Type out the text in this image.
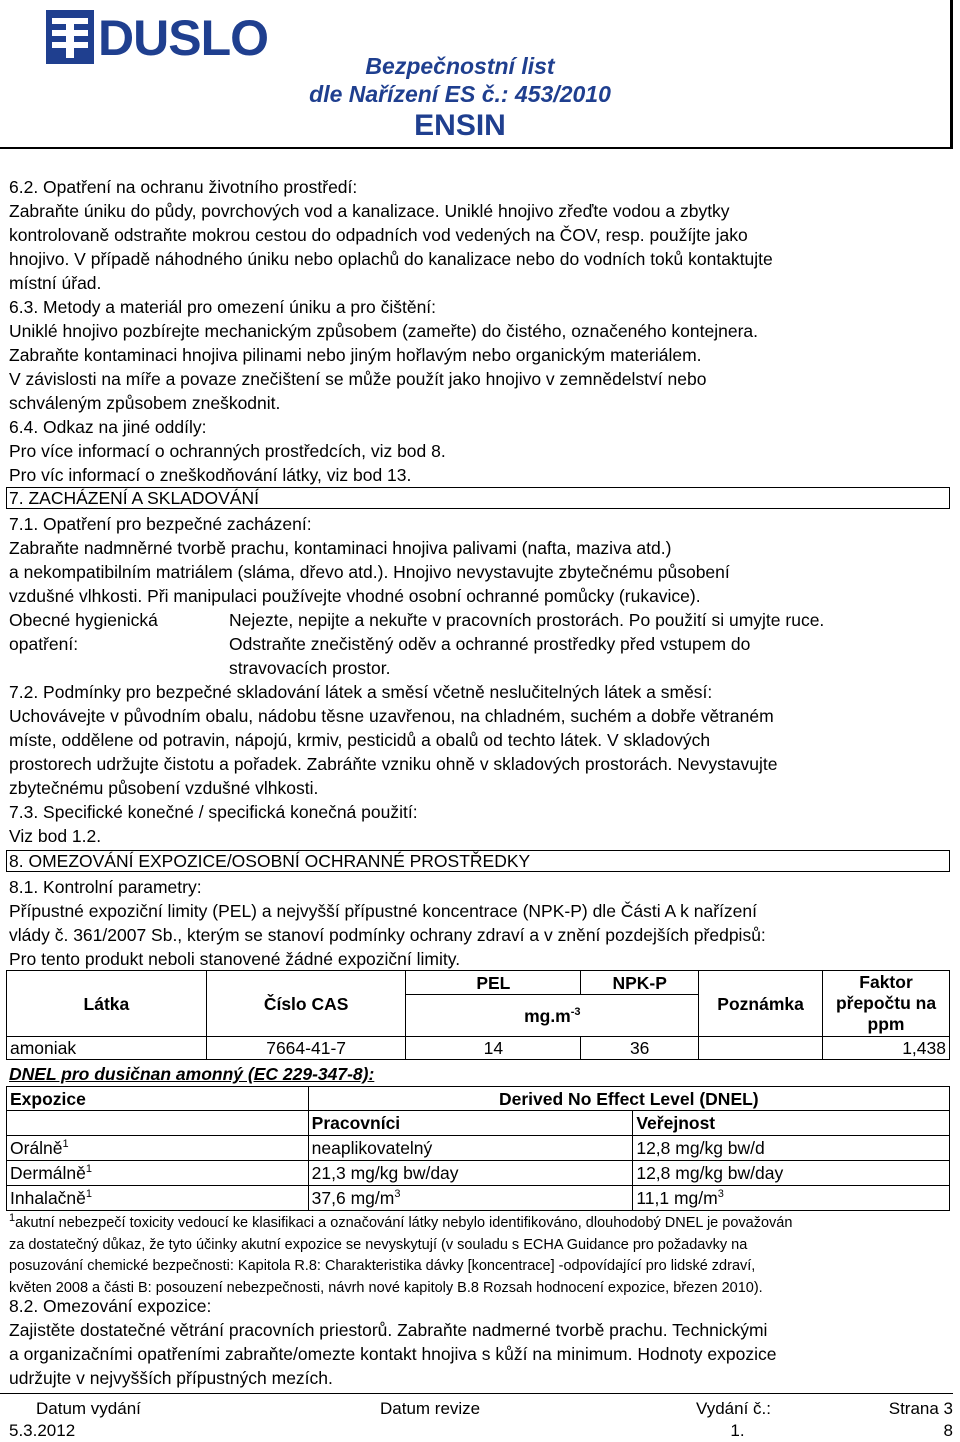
DUSLO	Bezpečnostní list
dle Nařízení ES č.: 453/2010
ENSIN
6.2. Opatření na ochranu životního prostředí:
Zabraňte úniku do půdy, povrchových vod a kanalizace. Uniklé hnojivo zřeďte vodou a zbytky
kontrolovaně odstraňte mokrou cestou do odpadních vod vedených na ČOV, resp. použíjte jako
hnojivo. V případě náhodného úniku nebo oplachů do kanalizace nebo do vodních toků kontaktujte
místní úřad.
6.3. Metody a materiál pro omezení úniku a pro čištění:
Uniklé hnojivo pozbírejte mechanickým způsobem (zameřte) do čistého, označeného kontejnera.
Zabraňte kontaminaci hnojiva pilinami nebo jiným hořlavým nebo organickým materiálem.
V závislosti na míře a povaze znečištení se může použít jako hnojivo v zemnědelství nebo
schváleným způsobem zneškodnit.
6.4. Odkaz na jiné oddíly:
Pro více informací o ochranných prostředcích, viz bod 8.
Pro víc informací o zneškodňování látky, viz bod 13.
7. ZACHÁZENÍ A SKLADOVÁNÍ
7.1. Opatření pro bezpečné zacházení:
Zabraňte nadmněrné tvorbě prachu, kontaminaci hnojiva palivami (nafta, maziva atd.)
a nekompatibilním matriálem (sláma, dřevo atd.). Hnojivo nevystavujte zbytečnému působení
vzdušné vlhkosti. Při manipulaci používejte vhodné osobní ochranné pomůcky (rukavice).
Obecné hygienická
opatření:
Nejezte, nepijte a nekuřte v pracovních prostorách. Po použití si umyjte ruce.
Odstraňte znečistěný oděv a ochranné prostředky před vstupem do
stravovacích prostor.
7.2. Podmínky pro bezpečné skladování látek a směsí včetně neslučitelných látek a směsí:
Uchovávejte v původním obalu, nádobu těsne uzavřenou, na chladném, suchém a dobře větraném
míste, oddělene od potravin, nápojú, krmiv, pesticidů a obalů od techto látek. V skladových
prostorech udržujte čistotu a pořadek. Zabráňte vzniku ohně v skladových prostorách. Nevystavujte
zbytečnému působení vzdušné vlhkosti.
7.3. Specifické konečné / specifická konečná použití:
Viz bod 1.2.
8. OMEZOVÁNÍ EXPOZICE/OSOBNÍ OCHRANNÉ PROSTŘEDKY
8.1. Kontrolní parametry:
Přípustné expoziční limity (PEL) a nejvyšší přípustné koncentrace (NPK-P) dle Části A k nařízení
vlády č. 361/2007 Sb., kterým se stanoví podmínky ochrany zdraví a v znění pozdejších předpisů:
Pro tento produkt neboli stanovené žádné expoziční limity.
Látka	Číslo CAS	PEL	NPK-P	Poznámka	Faktor
přepočtu na
ppm

		$mg.m^{-3}$
amoniak	7664-41-7	14	36		1,438
DNEL pro dusičnan amonný (EC 229-347-8):
Expozice	Derived No Effect Level (DNEL)	
	Pracovníci	Veřejnost
Orálně$^1$	neaplikovatelný	12,8 mg/kg bw/d
Dermálně$^1$	21,3 mg/kg bw/day	12,8 mg/kg bw/day
Inhalačně$^1$	37,6 $mg/m^3$	11,1 $mg/m^3$
$^1$akutní nebezpečí toxicity vedoucí ke klasifikaci a označování látky nebylo identifikováno, dlouhodobý DNEL je považován
za dostatečný důkaz, že tyto účinky akutní expozice se nevyskytují (v souladu s ECHA Guidance pro požadavky na
posuzování chemické bezpečnosti: Kapitola R.8: Charakteristika dávky [koncentrace] -odpovídající pro lidské zdraví,
květen 2008 a části B: posouzení nebezpečnosti, návrh nové kapitoly B.8 Rozsah hodnocení expozice, březen 2010).
8.2. Omezování expozice:
Zajistěte dostatečné větrání pracovních priestorů. Zabraňte nadmerné tvorbě prachu. Technickými
a organizačními opatřeními zabraňte/omezte kontakt hnojiva s kůží na minimum. Hodnoty expozice
udržujte v nejvyšších přípustných mezích.
Datum vydání
5.3.2012
Datum revize	Vydání č.:
1.
Strana 3
8
